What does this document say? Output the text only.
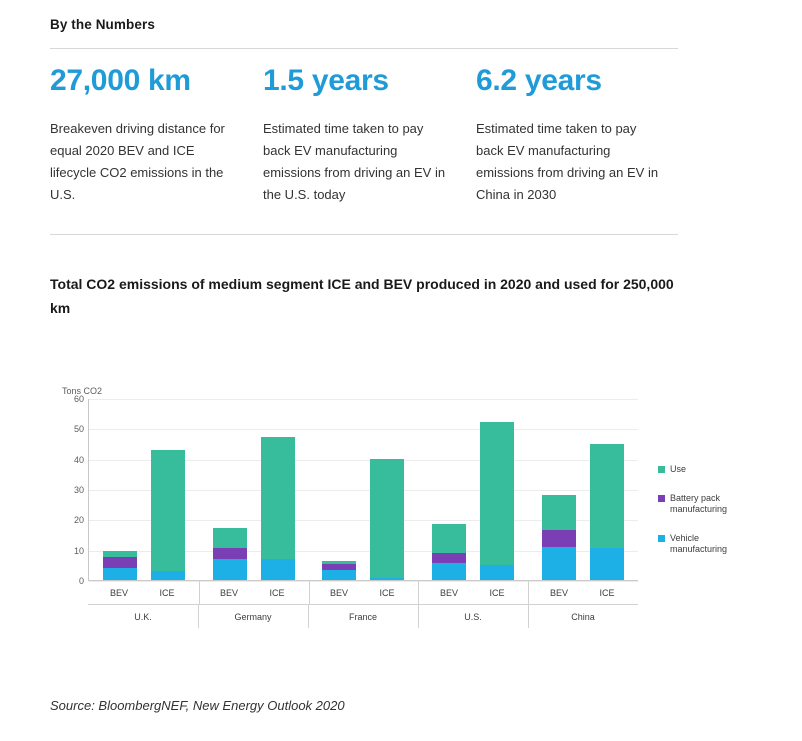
By the Numbers
27,000 km
Breakeven driving distance for equal 2020 BEV and ICE lifecycle CO2 emissions in the U.S.
1.5 years
Estimated time taken to pay back EV manufacturing emissions from driving an EV in the U.S. today
6.2 years
Estimated time taken to pay back EV manufacturing emissions from driving an EV in China in 2030
Total CO2 emissions of medium segment ICE and BEV produced in 2020 and used for 250,000 km
Tons CO2
0
10
20
30
40
50
60
BEV	ICE	BEV	ICE	BEV	ICE	BEV	ICE	BEV	ICE
U.K.	Germany	France	U.S.	China
Use
Battery pack manufacturing
Vehicle manufacturing
Source: BloombergNEF, New Energy Outlook 2020
